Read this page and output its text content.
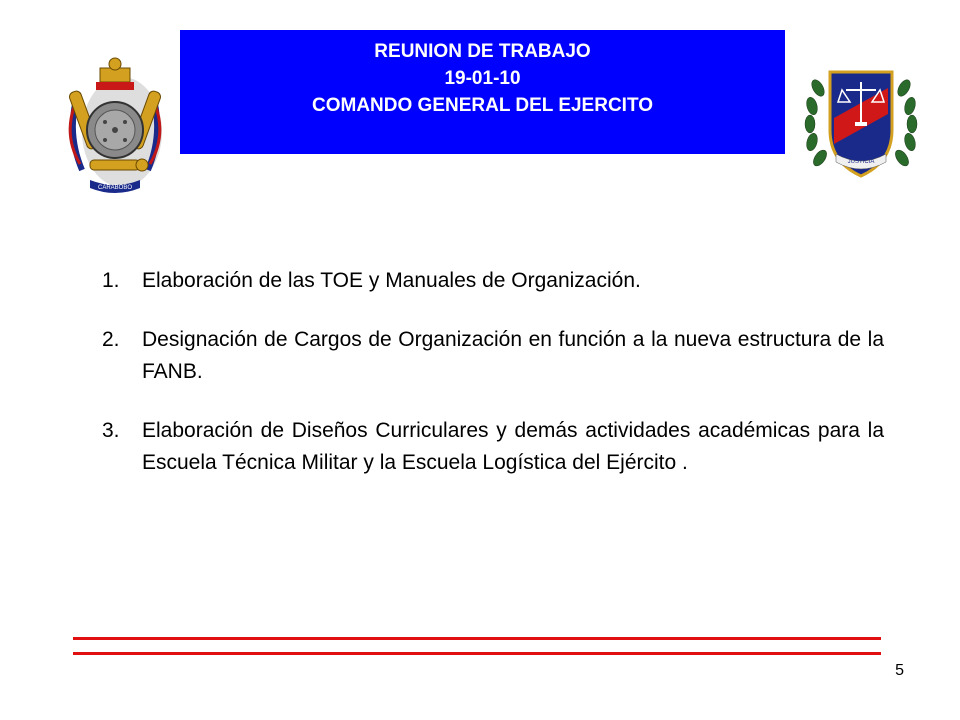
REUNION DE TRABAJO
19-01-10
COMANDO GENERAL DEL EJERCITO
CARABOBO
JUSTICIA
1.	Elaboración de las TOE y Manuales de Organización.
2.	Designación de Cargos de Organización en función a la nueva estructura de la FANB.
3.	Elaboración de Diseños Curriculares y demás actividades académicas para la Escuela Técnica Militar y la Escuela Logística del Ejército .
5
